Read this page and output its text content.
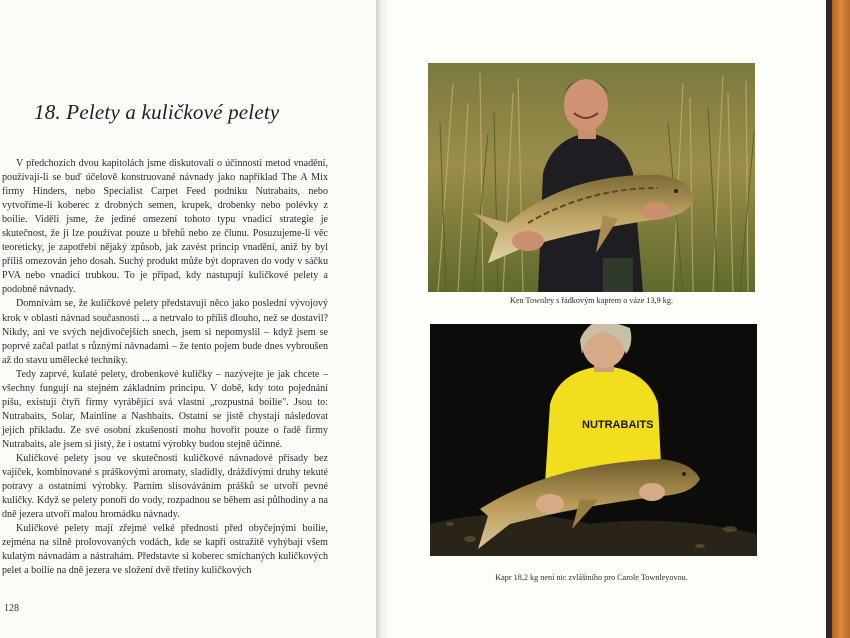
18. Pelety a kuličkové pelety

V předchozích dvou kapitolách jsme diskutovali o účinnosti metod vnadění, používají-li se buď účelově konstruované návnady jako například The A Mix firmy Hinders, nebo Specialist Carpet Feed podniku Nutrabaits, nebo vytvoříme-li koberec z drobných semen, krupek, drobenky nebo polévky z boilie. Viděli jsme, že jediné omezení tohoto typu vnadicí strategie je skutečnost, že ji lze používat pouze u břehů nebo ze člunu. Posuzujeme-li věc teoreticky, je zapotřebí nějaký způsob, jak zavést princip vnadění, aniž by byl příliš omezován jeho dosah. Suchý produkt může být dopraven do vody v sáčku PVA nebo vnadicí trubkou. To je případ, kdy nastupují kuličkové pelety a podobné návnady.

Domnívám se, že kuličkové pelety představují něco jako poslední vývojový krok v oblasti návnad současnosti ... a netrvalo to příliš dlouho, než se dostavil? Nikdy, ani ve svých nejdivočejších snech, jsem si nepomyslil – když jsem se poprvé začal patlat s různými návnadami – že tento pojem bude dnes vybroušen až do stavu umělecké techniky.

Tedy zaprvé, kulaté pelety, drobenkové kuličky – nazývejte je jak chcete – všechny fungují na stejném základním principu. V době, kdy toto pojednání píšu, existují čtyři firmy vyrábějící svá vlastní „rozpustná boilie". Jsou to: Nutrabaits, Solar, Mainline a Nashbaits. Ostatní se jistě chystají následovat jejich příkladu. Ze své osobní zkušenosti mohu hovořit pouze o řadě firmy Nutrabaits, ale jsem si jistý, že i ostatní výrobky budou stejně účinné.

Kuličkové pelety jsou ve skutečnosti kuličkové návnadové přísady bez vajíček, kombinované s práškovými aromaty, sladidly, dráždivými druhy tekuté potravy a ostatními výrobky. Parním slisováváním prášků se utvoří pevné kuličky. Když se pelety ponoří do vody, rozpadnou se během asi půlhodiny a na dně jezera utvoří malou hromádku návnady.

Kuličkové pelety mají zřejmé velké přednosti před obyčejnými boilie, zejména na silně prolovovaných vodách, kde se kapři ostražitě vyhýbají všem kulatým návnadám a nástrahám. Představte si koberec smíchaných kuličkových pelet a boilie na dně jezera ve složení dvě třetiny kuličkových

128
Ken Townley s řádkovým kaprem o váze 13,9 kg.
NUTRABAITS
Kapr 18,2 kg není nic zvláštního pro Carole Townleyovou.
